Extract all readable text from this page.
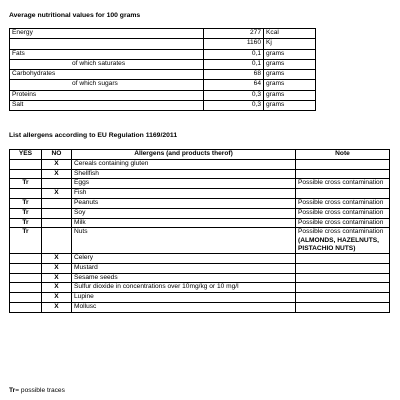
Average nutritional values for 100 grams
Energy	277	Kcal
	1160	Kj
Fats	0,1	grams
of which saturates	0,1	grams
Carbohydrates	68	grams
of which sugars	64	grams
Proteins	0,3	grams
Salt	0,3	grams
List allergens according to EU Regulation 1169/2011
YES	NO	Allergens (and products therof)	Note
	X	Cereals containing gluten	
	X	Shellfish	
Tr		Eggs	Possible cross contamination
	X	Fish	
Tr		Peanuts	Possible cross contamination
Tr		Soy	Possible cross contamination
Tr		Milk	Possible cross contamination
Tr		Nuts	Possible cross contamination
(ALMONDS, HAZELNUTS, PISTACHIO NUTS)

	X	Celery	
	X	Mustard	
	X	Sesame seeds	
	X	Sulfur dioxide in concentrations over 10mg/kg or 10 mg/l	
	X	Lupine	
	X	Mollusc	
Tr= possible traces
